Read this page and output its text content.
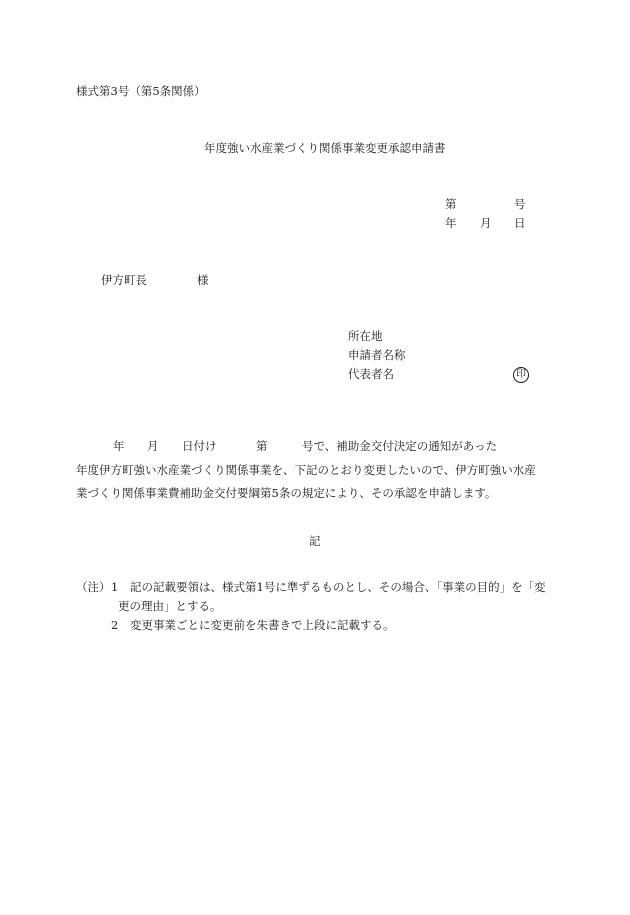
様式第3号（第5条関係）
年度強い水産業づくり関係事業変更承認申請書
第	号
年 月 日
伊方町長	様
所在地
申請者名称
代表者名	印
年 月 日付け	第	号で、補助金交付決定の通知があった
年度伊方町強い水産業づくり関係事業を、下記のとおり変更したいので、伊方町強い水産
業づくり関係事業費補助金交付要綱第5条の規定により、その承認を申請します。
記
（注） 1 記の記載要領は、様式第1号に準ずるものとし、その場合、「事業の目的」を「変
更の理由」とする。
2 変更事業ごとに変更前を朱書きで上段に記載する。
